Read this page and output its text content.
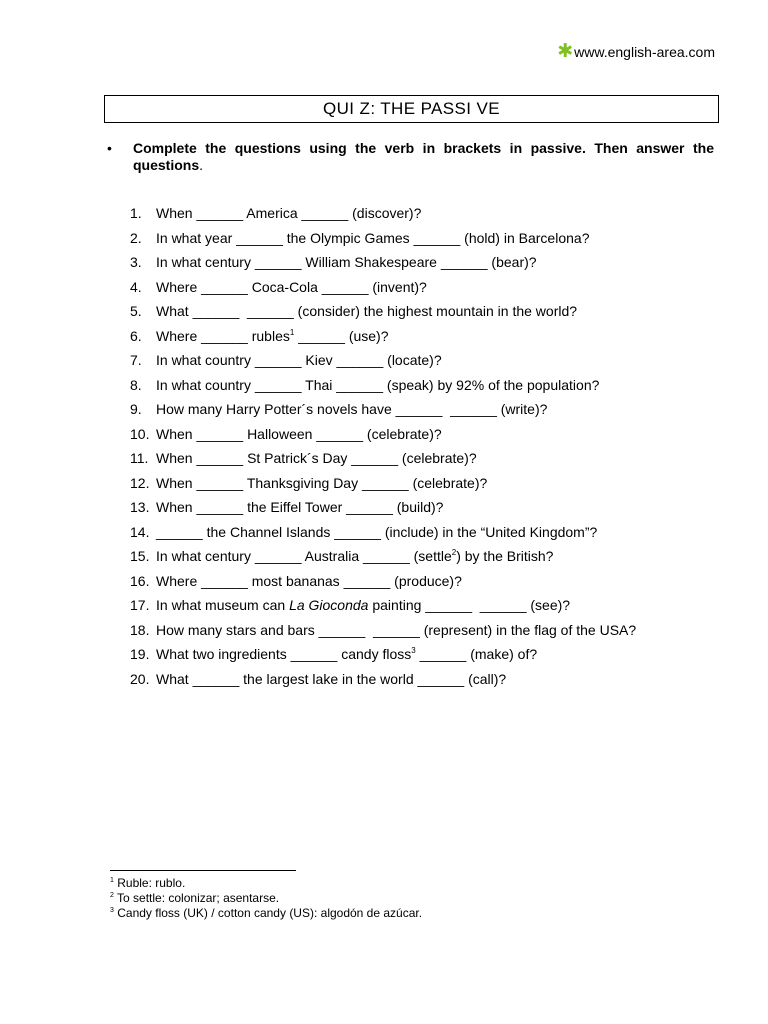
✱ www.english-area.com
QUI Z: THE PASSI VE
•	Complete the questions using the verb in brackets in passive. Then answer the questions.
1.	When ______ America ______ (discover)?
2.	In what year ______ the Olympic Games ______ (hold) in Barcelona?
3.	In what century ______ William Shakespeare ______ (bear)?
4.	Where ______ Coca-Cola ______ (invent)?
5.	What ______  ______ (consider) the highest mountain in the world?
6.	Where ______ rubles$^1$ ______ (use)?
7.	In what country ______ Kiev ______ (locate)?
8.	In what country ______ Thai ______ (speak) by 92% of the population?
9.	How many Harry Potter´s novels have ______  ______ (write)?
10. When ______ Halloween ______ (celebrate)?
11. When ______ St Patrick´s Day ______ (celebrate)?
12. When ______ Thanksgiving Day ______ (celebrate)?
13. When ______ the Eiffel Tower ______ (build)?
14. ______ the Channel Islands ______ (include) in the “United Kingdom”?
15. In what century ______ Australia ______ (settle$^2$) by the British?
16. Where ______ most bananas ______ (produce)?
17. In what museum can La Gioconda painting ______  ______ (see)?
18. How many stars and bars ______  ______ (represent) in the flag of the USA?
19. What two ingredients ______ candy floss$^3$ ______ (make) of?
20. What ______ the largest lake in the world ______ (call)?
$^1$ Ruble: rublo.
$^2$ To settle: colonizar; asentarse.
$^3$ Candy floss (UK) / cotton candy (US): algodón de azúcar.
